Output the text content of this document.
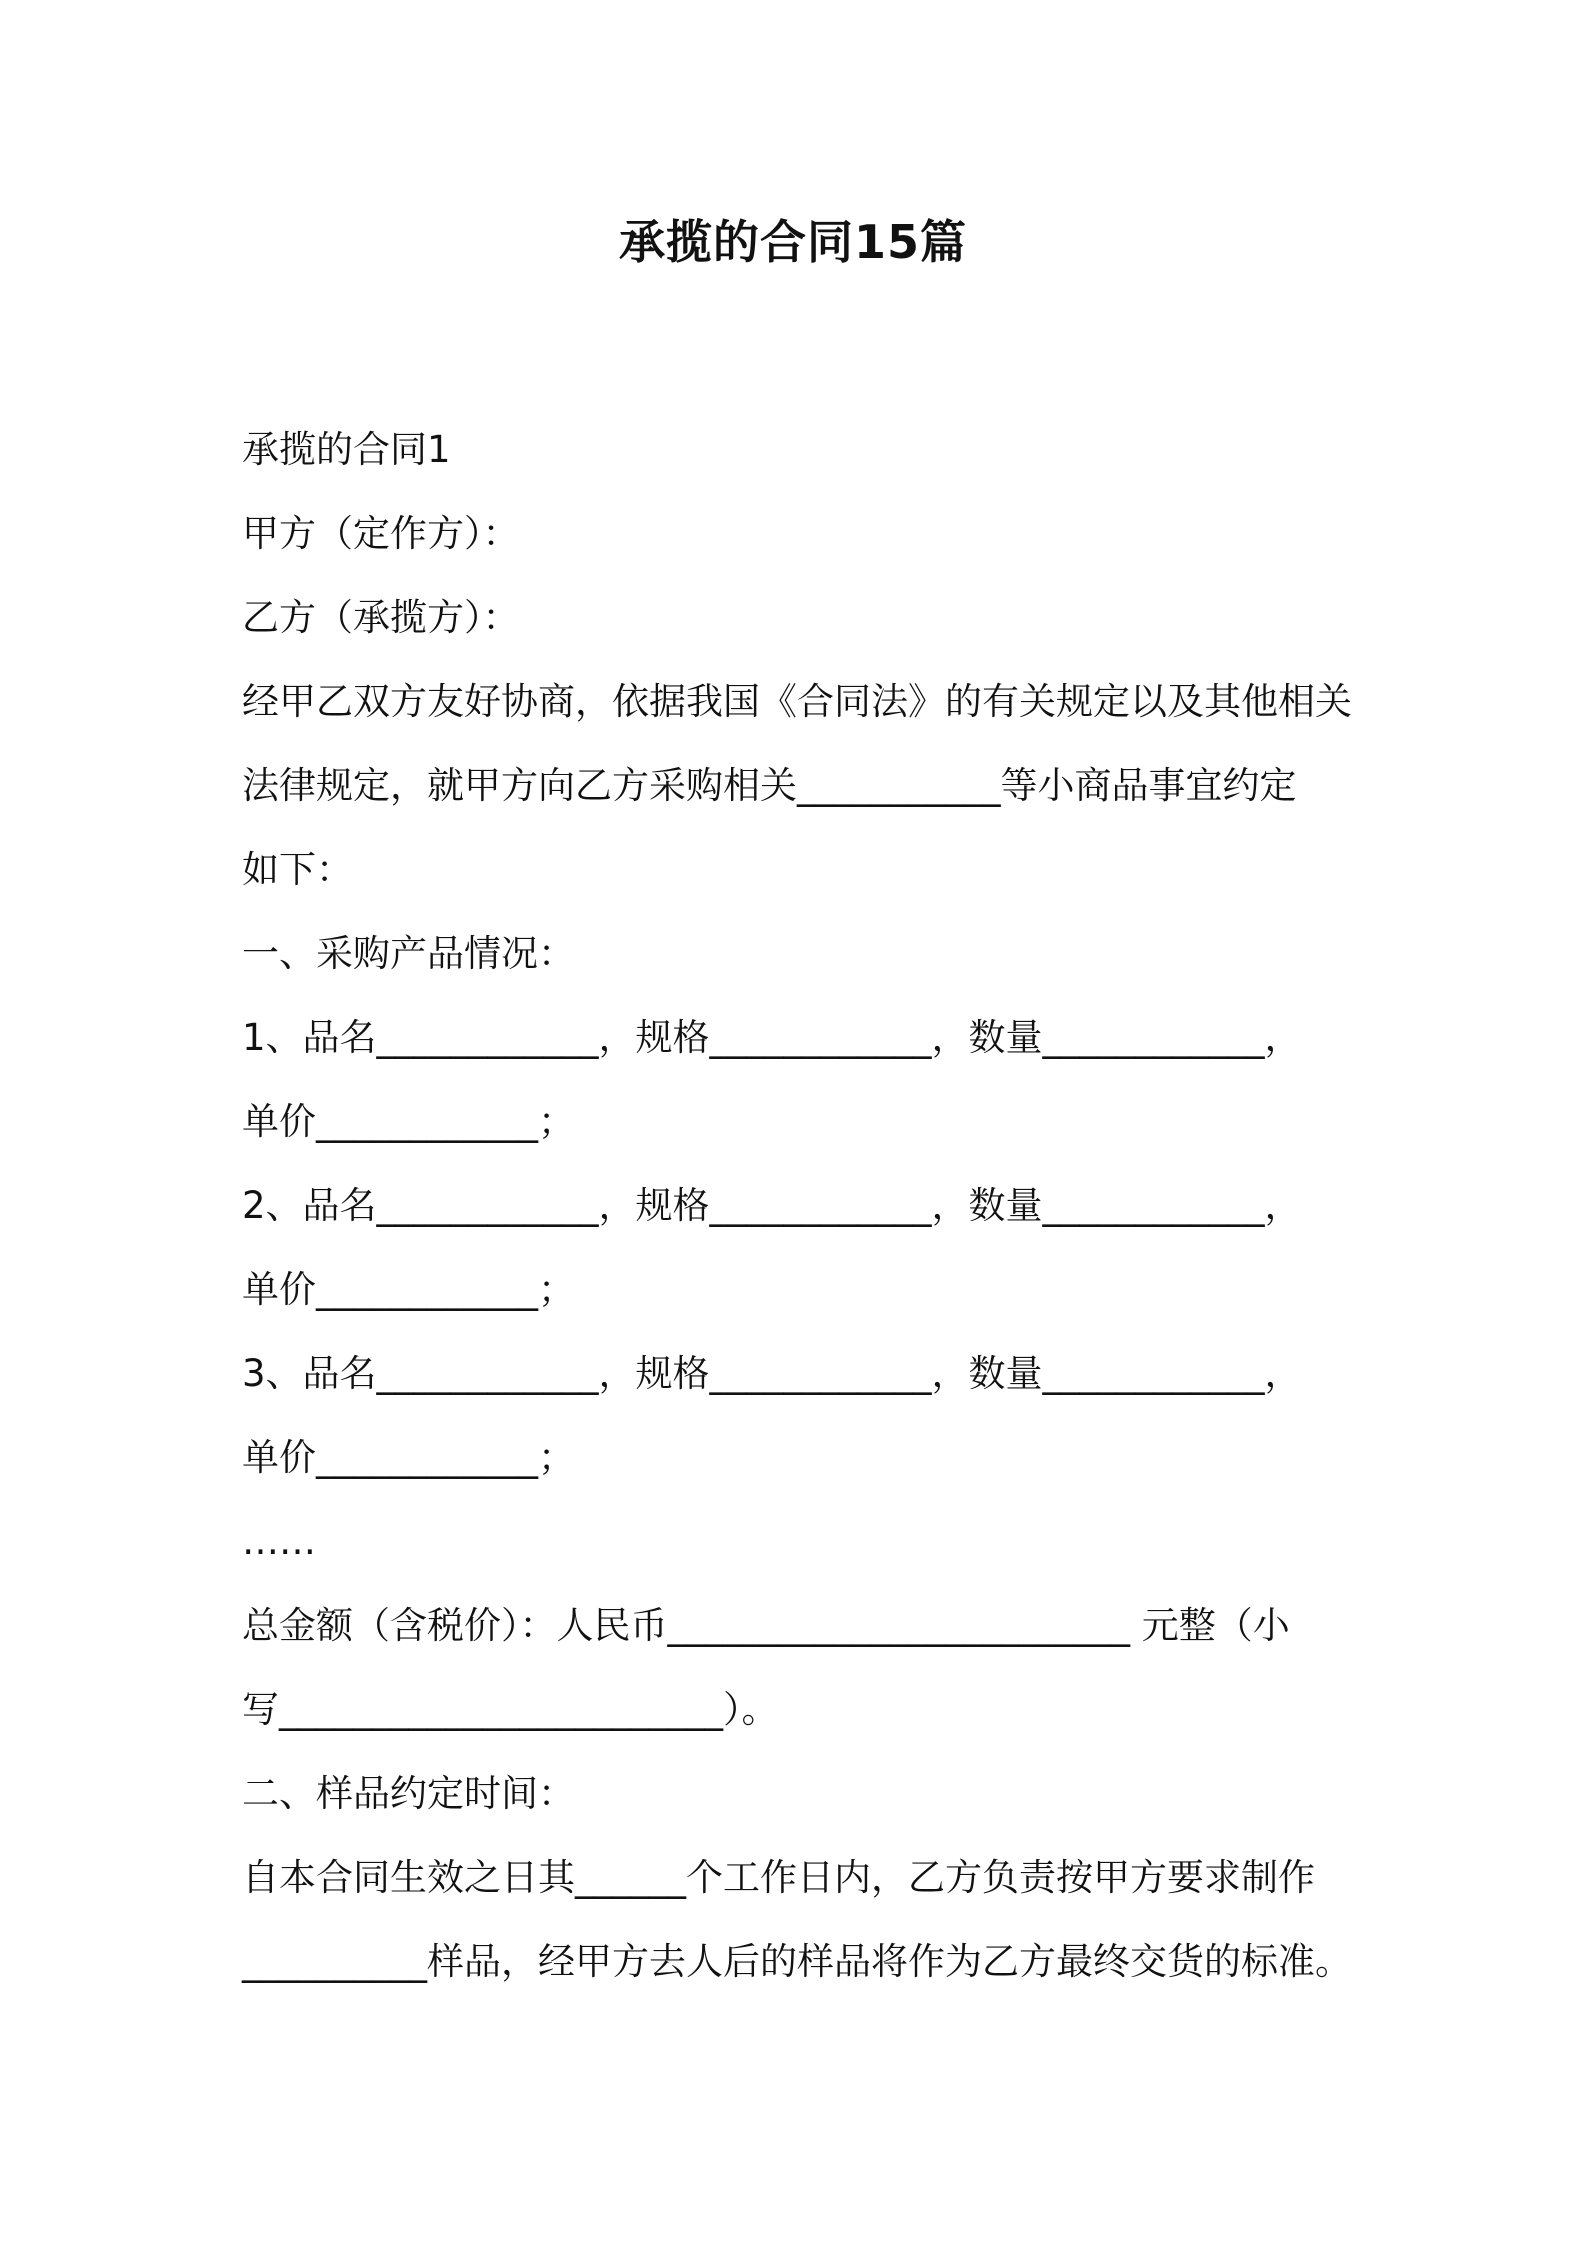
承揽的合同15篇
承揽的合同1
甲方（定作方）：
乙方（承揽方）：
经甲乙双方友好协商，依据我国《合同法》的有关规定以及其他相关
法律规定，就甲方向乙方采购相关___________等小商品事宜约定
如下：
一、采购产品情况：
1、品名____________，规格____________，数量____________，
单价____________；
2、品名____________，规格____________，数量____________，
单价____________；
3、品名____________，规格____________，数量____________，
单价____________；
……
总金额（含税价）：人民币_________________________ 元整（小
写________________________）。
二、样品约定时间：
自本合同生效之日其______个工作日内，乙方负责按甲方要求制作
__________样品，经甲方去人后的样品将作为乙方最终交货的标准。
